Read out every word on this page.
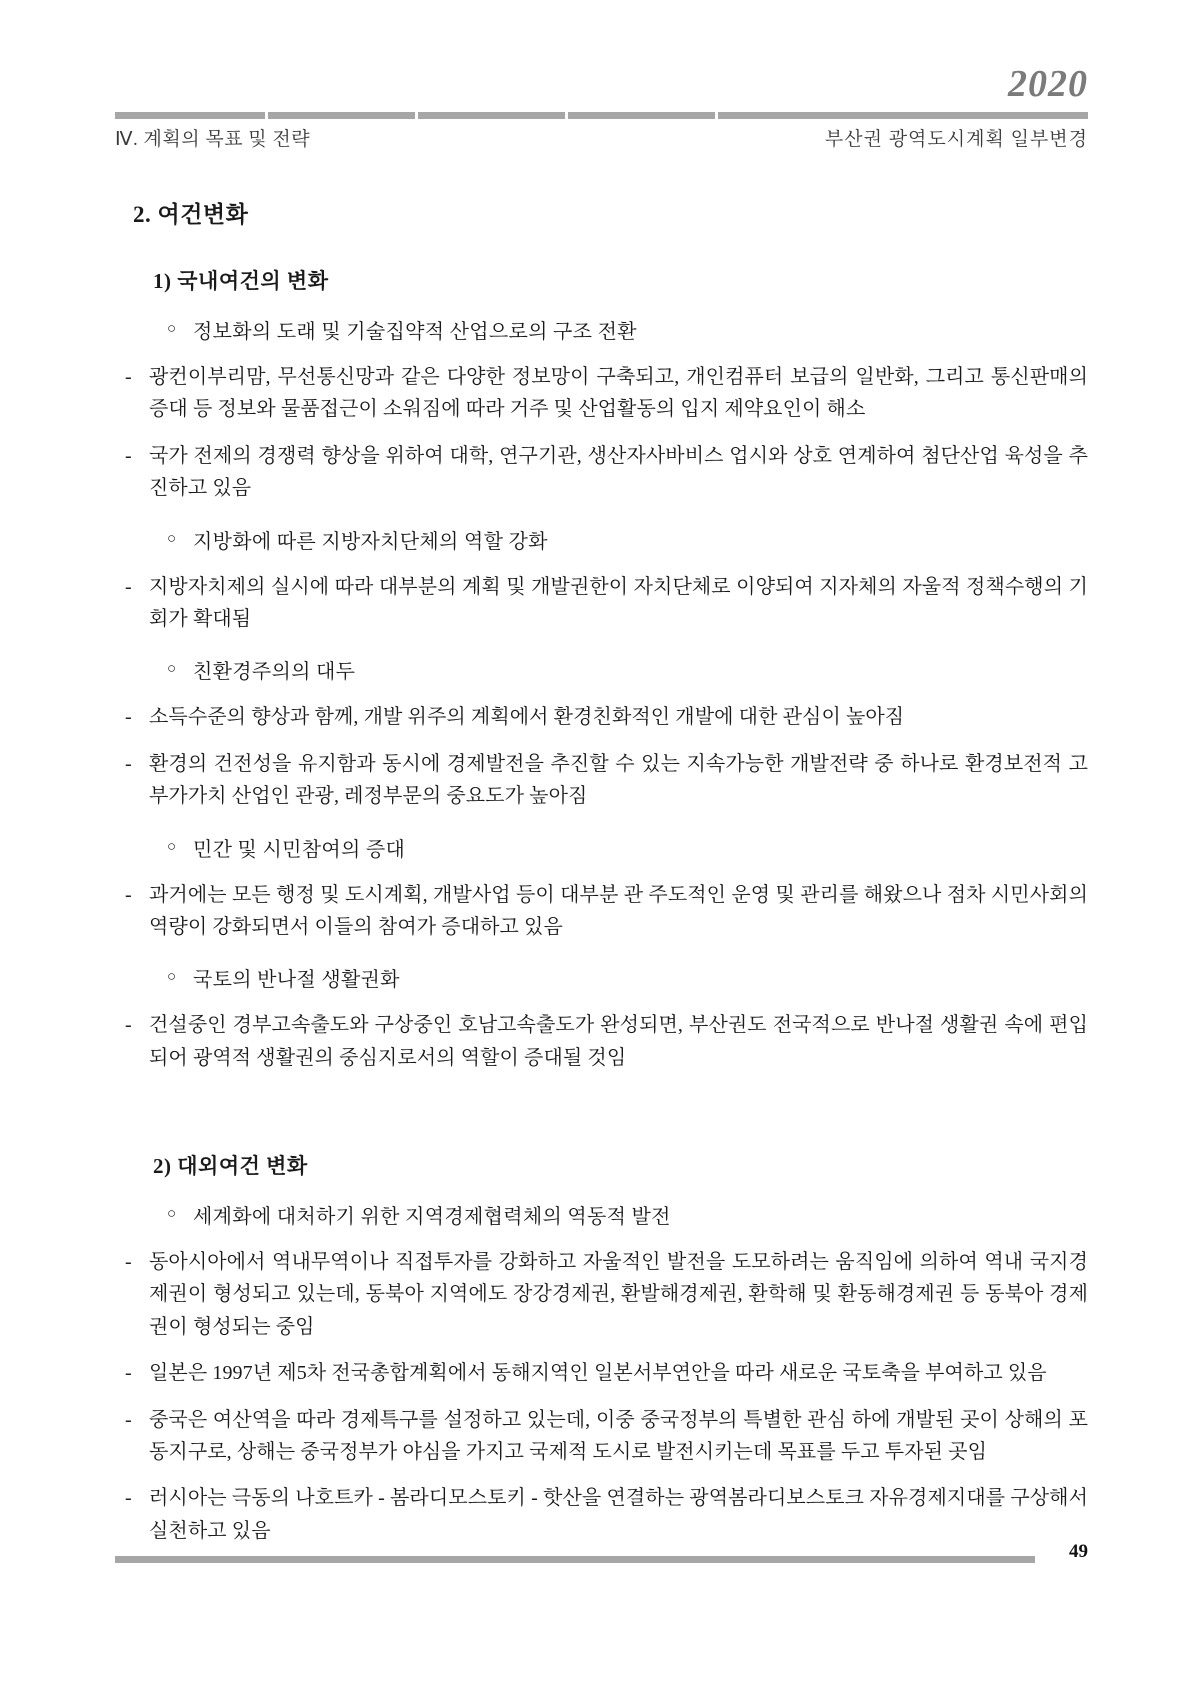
2020
Ⅳ. 계획의 목표 및 전략	부산권 광역도시계획 일부변경
2. 여건변화
1) 국내여건의 변화
○ 정보화의 도래 및 기술집약적 산업으로의 구조 전환
- 광컨이부리맘, 무선통신망과 같은 다양한 정보망이 구축되고, 개인컴퓨터 보급의 일반화, 그리고 통신판매의 증대 등 정보와 물품접근이 소워짐에 따라 거주 및 산업활동의 입지 제약요인이 해소
- 국가 전제의 경쟁력 향상을 위하여 대학, 연구기관, 생산자사바비스 업시와 상호 연계하여 첨단산업 육성을 추진하고 있음
○ 지방화에 따른 지방자치단체의 역할 강화
- 지방자치제의 실시에 따라 대부분의 계획 및 개발권한이 자치단체로 이양되여 지자체의 자울적 정책수행의 기회가 확대됨
○ 친환경주의의 대두
- 소득수준의 향상과 함께, 개발 위주의 계획에서 환경친화적인 개발에 대한 관심이 높아짐
- 환경의 건전성을 유지함과 동시에 경제발전을 추진할 수 있는 지속가능한 개발전략 중 하나로 환경보전적 고부가가치 산업인 관광, 레정부문의 중요도가 높아짐
○ 민간 및 시민참여의 증대
- 과거에는 모든 행정 및 도시계획, 개발사업 등이 대부분 관 주도적인 운영 및 관리를 해왔으나 점차 시민사회의 역량이 강화되면서 이들의 참여가 증대하고 있음
○ 국토의 반나절 생활권화
- 건설중인 경부고속출도와 구상중인 호남고속출도가 완성되면, 부산권도 전국적으로 반나절 생활권 속에 편입되어 광역적 생활권의 중심지로서의 역할이 증대될 것임
2) 대외여건 변화
○ 세계화에 대처하기 위한 지역경제협력체의 역동적 발전
- 동아시아에서 역내무역이나 직접투자를 강화하고 자울적인 발전을 도모하려는 움직임에 의하여 역내 국지경제권이 형성되고 있는데, 동북아 지역에도 장강경제권, 환발해경제권, 환학해 및 환동해경제권 등 동북아 경제권이 형성되는 중임
- 일본은 1997년 제5차 전국총합계획에서 동해지역인 일본서부연안을 따라 새로운 국토축을 부여하고 있음
- 중국은 여산역을 따라 경제특구를 설정하고 있는데, 이중 중국정부의 특별한 관심 하에 개발된 곳이 상해의 포동지구로, 상해는 중국정부가 야심을 가지고 국제적 도시로 발전시키는데 목표를 두고 투자된 곳임
- 러시아는 극동의 나호트카 - 봄라디모스토키 - 핫산을 연결하는 광역봄라디보스토크 자유경제지대를 구상해서 실천하고 있음
49
